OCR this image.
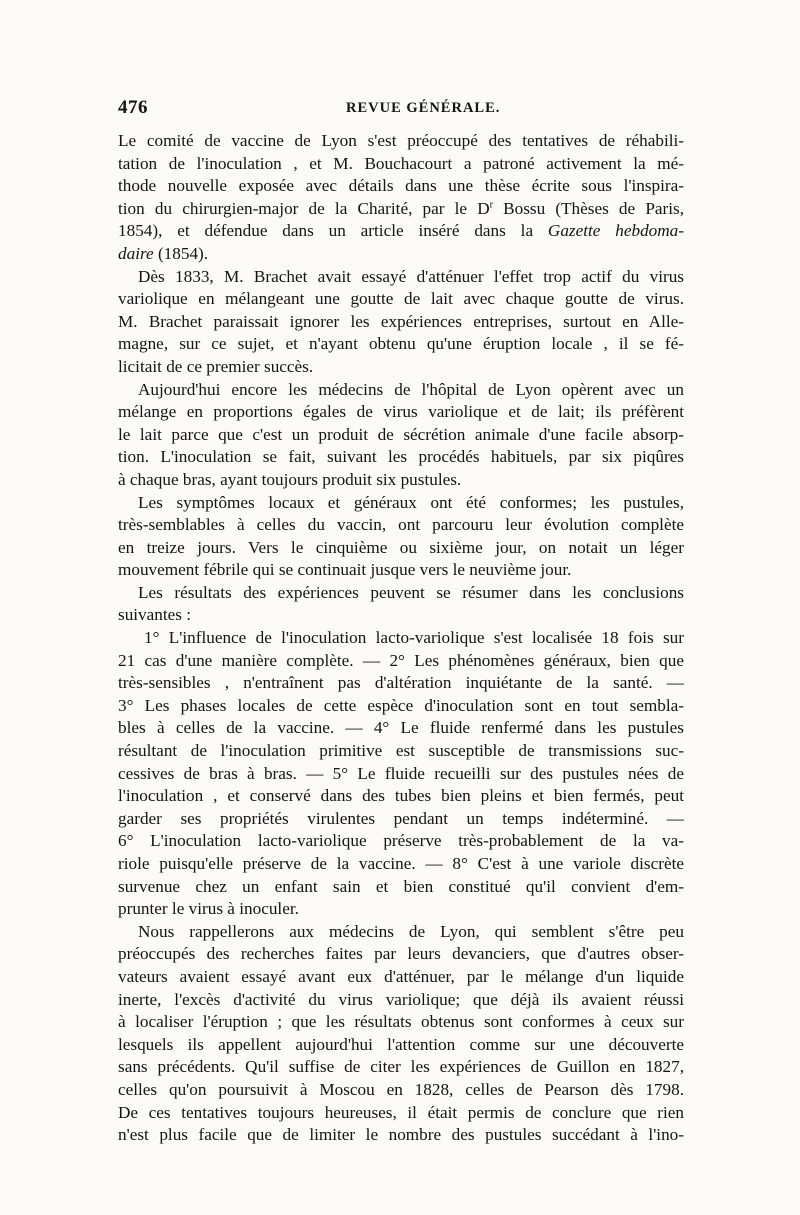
476	REVUE GÉNÉRALE.
Le comité de vaccine de Lyon s'est préoccupé des tentatives de réhabili-
tation de l'inoculation , et M. Bouchacourt a patroné activement la mé-
thode nouvelle exposée avec détails dans une thèse écrite sous l'inspira-
tion du chirurgien-major de la Charité, par le $D^r$ Bossu (Thèses de Paris,
1854), et défendue dans un article inséré dans la Gazette hebdoma-
daire (1854).
Dès 1833, M. Brachet avait essayé d'atténuer l'effet trop actif du virus
variolique en mélangeant une goutte de lait avec chaque goutte de virus.
M. Brachet paraissait ignorer les expériences entreprises, surtout en Alle-
magne, sur ce sujet, et n'ayant obtenu qu'une éruption locale , il se fé-
licitait de ce premier succès.
Aujourd'hui encore les médecins de l'hôpital de Lyon opèrent avec un
mélange en proportions égales de virus variolique et de lait; ils préfèrent
le lait parce que c'est un produit de sécrétion animale d'une facile absorp-
tion. L'inoculation se fait, suivant les procédés habituels, par six piqûres
à chaque bras, ayant toujours produit six pustules.
Les symptômes locaux et généraux ont été conformes; les pustules,
très-semblables à celles du vaccin, ont parcouru leur évolution complète
en treize jours. Vers le cinquième ou sixième jour, on notait un léger
mouvement fébrile qui se continuait jusque vers le neuvième jour.
Les résultats des expériences peuvent se résumer dans les conclusions
suivantes :
1° L'influence de l'inoculation lacto-variolique s'est localisée 18 fois sur
21 cas d'une manière complète. — 2° Les phénomènes généraux, bien que
très-sensibles , n'entraînent pas d'altération inquiétante de la santé. —
3° Les phases locales de cette espèce d'inoculation sont en tout sembla-
bles à celles de la vaccine. — 4° Le fluide renfermé dans les pustules
résultant de l'inoculation primitive est susceptible de transmissions suc-
cessives de bras à bras. — 5° Le fluide recueilli sur des pustules nées de
l'inoculation , et conservé dans des tubes bien pleins et bien fermés, peut
garder ses propriétés virulentes pendant un temps indéterminé. —
6° L'inoculation lacto-variolique préserve très-probablement de la va-
riole puisqu'elle préserve de la vaccine. — 8° C'est à une variole discrète
survenue chez un enfant sain et bien constitué qu'il convient d'em-
prunter le virus à inoculer.
Nous rappellerons aux médecins de Lyon, qui semblent s'être peu
préoccupés des recherches faites par leurs devanciers, que d'autres obser-
vateurs avaient essayé avant eux d'atténuer, par le mélange d'un liquide
inerte, l'excès d'activité du virus variolique; que déjà ils avaient réussi
à localiser l'éruption ; que les résultats obtenus sont conformes à ceux sur
lesquels ils appellent aujourd'hui l'attention comme sur une découverte
sans précédents. Qu'il suffise de citer les expériences de Guillon en 1827,
celles qu'on poursuivit à Moscou en 1828, celles de Pearson dès 1798.
De ces tentatives toujours heureuses, il était permis de conclure que rien
n'est plus facile que de limiter le nombre des pustules succédant à l'ino-
